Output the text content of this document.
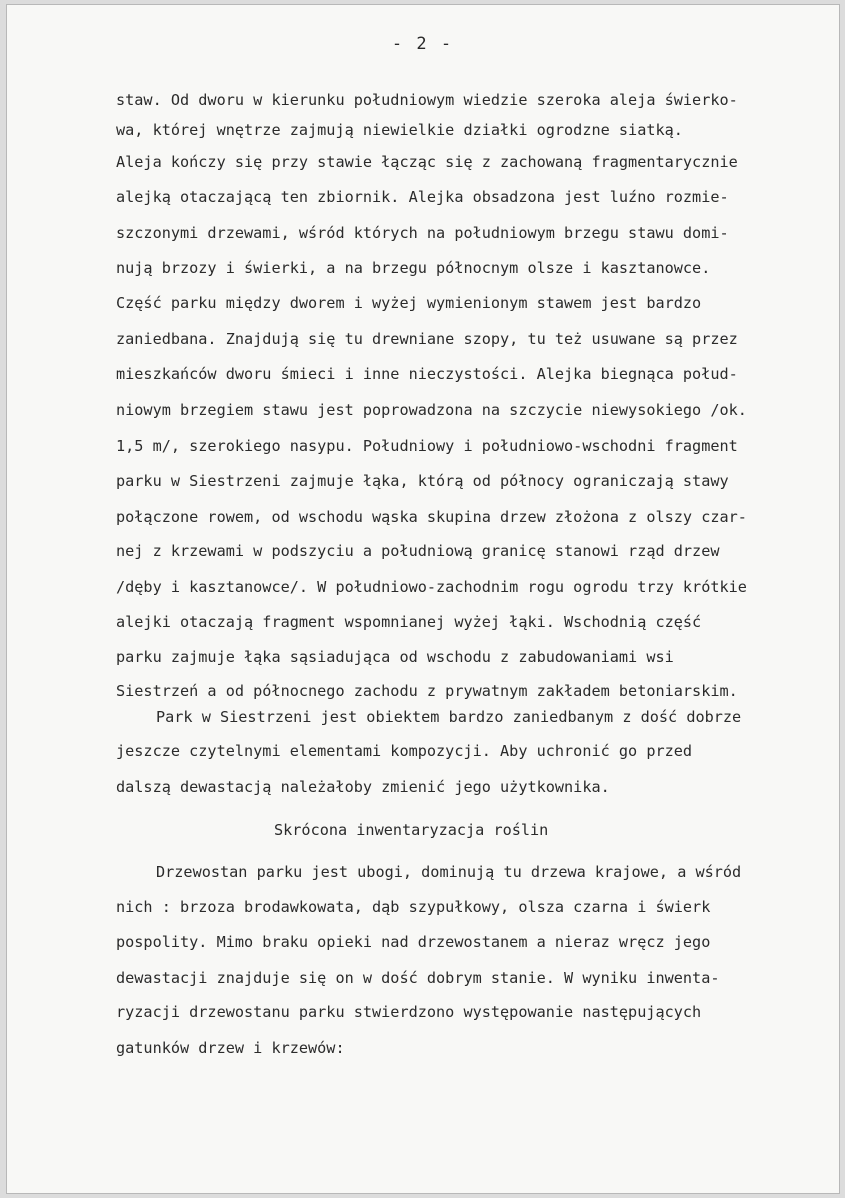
- 2 -
staw. Od dworu w kierunku południowym wiedzie szeroka aleja świerko-
wa, której wnętrze zajmują niewielkie działki ogrodzne siatką.
Aleja kończy się przy stawie łącząc się z zachowaną fragmentarycznie
alejką otaczającą ten zbiornik. Alejka obsadzona jest luźno rozmie-
szczonymi drzewami, wśród których na południowym brzegu stawu domi-
nują brzozy i świerki, a na brzegu północnym olsze i kasztanowce.
Część parku między dworem i wyżej wymienionym stawem jest bardzo
zaniedbana. Znajdują się tu drewniane szopy, tu też usuwane są przez
mieszkańców dworu śmieci i inne nieczystości. Alejka biegnąca połud-
niowym brzegiem stawu jest poprowadzona na szczycie niewysokiego /ok.
1,5 m/, szerokiego nasypu. Południowy i południowo-wschodni fragment
parku w Siestrzeni zajmuje łąka, którą od północy ograniczają stawy
połączone rowem, od wschodu wąska skupina drzew złożona z olszy czar-
nej z krzewami w podszyciu a południową granicę stanowi rząd drzew
/dęby i kasztanowce/. W południowo-zachodnim rogu ogrodu trzy krótkie
alejki otaczają fragment wspomnianej wyżej łąki. Wschodnią część
parku zajmuje łąka sąsiadująca od wschodu z zabudowaniami wsi
Siestrzeń a od północnego zachodu z prywatnym zakładem betoniarskim.
Park w Siestrzeni jest obiektem bardzo zaniedbanym z dość dobrze
jeszcze czytelnymi elementami kompozycji. Aby uchronić go przed
dalszą dewastacją należałoby zmienić jego użytkownika.
Skrócona inwentaryzacja roślin
Drzewostan parku jest ubogi, dominują tu drzewa krajowe, a wśród
nich : brzoza brodawkowata, dąb szypułkowy, olsza czarna i świerk
pospolity. Mimo braku opieki nad drzewostanem a nieraz wręcz jego
dewastacji znajduje się on w dość dobrym stanie. W wyniku inwenta-
ryzacji drzewostanu parku stwierdzono występowanie następujących
gatunków drzew i krzewów:
